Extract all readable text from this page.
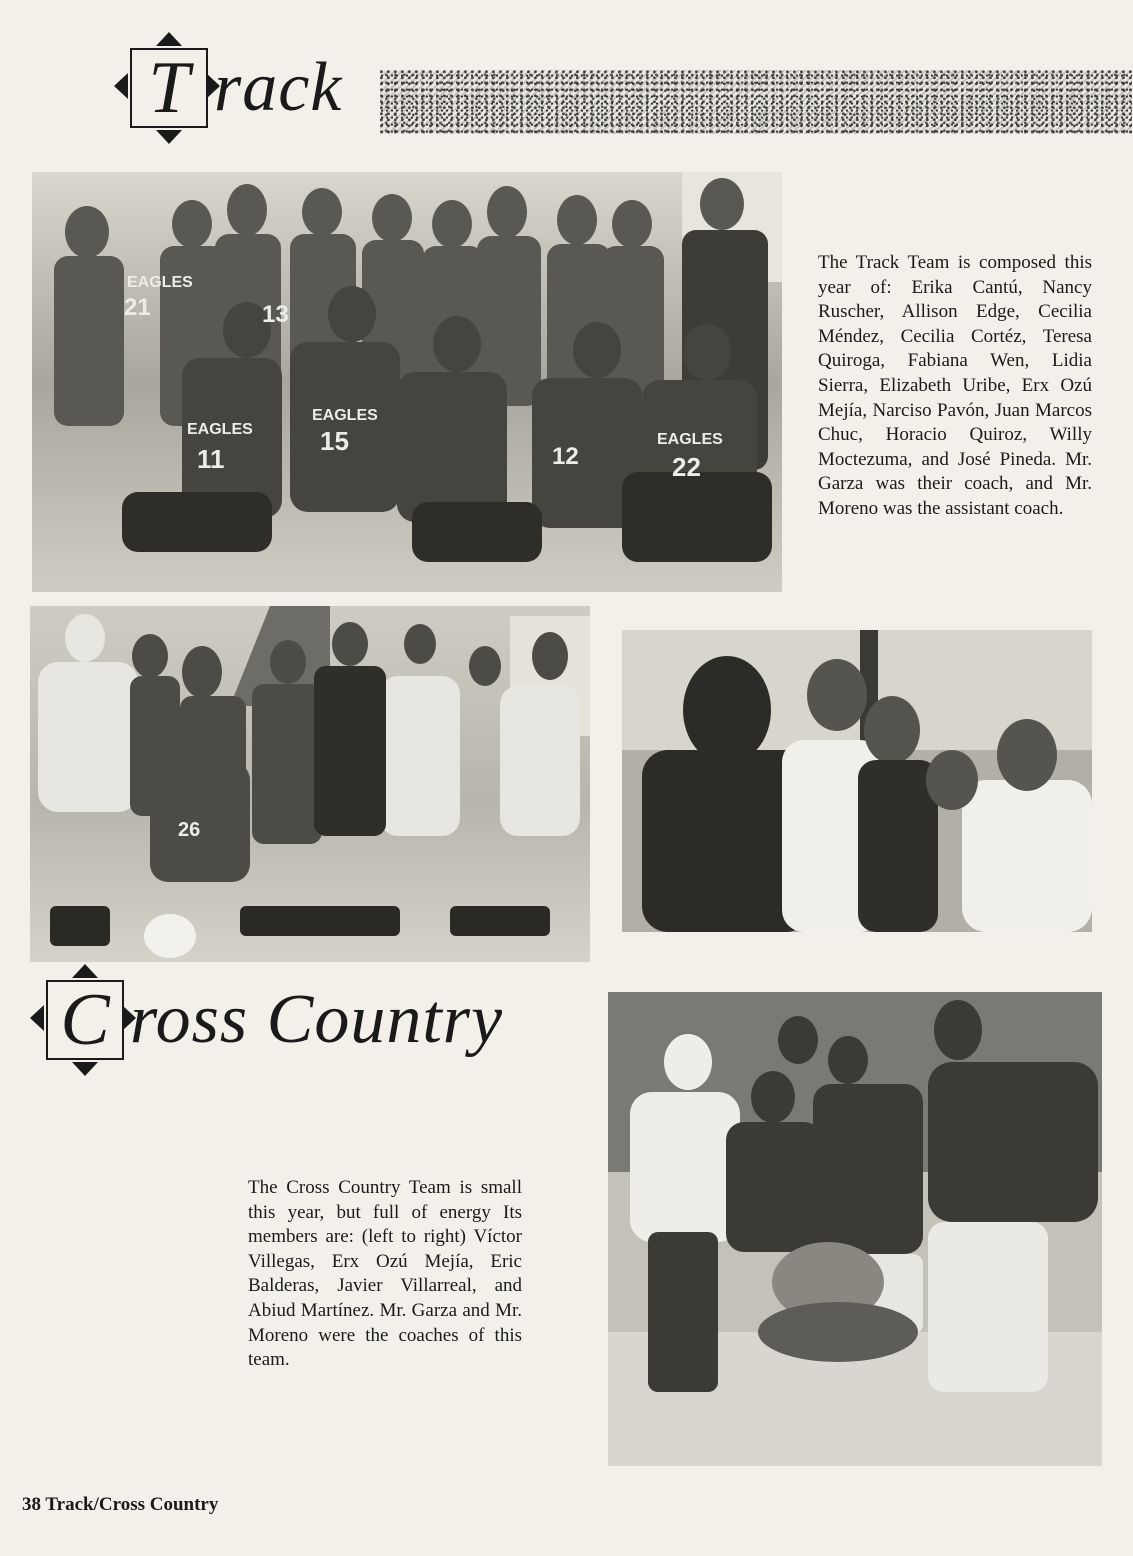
T rack
EAGLES
21	13
EAGLES
11
EAGLES
15
12
EAGLES
22
The Track Team is composed this year of: Erika Cantú, Nancy Ruscher, Allison Edge, Cecilia Méndez, Cecilia Cortéz, Teresa Quiroga, Fabiana Wen, Lidia Sierra, Elizabeth Uribe, Erx Ozú Mejía, Narciso Pavón, Juan Marcos Chuc, Horacio Quiroz, Willy Moctezuma, and José Pineda. Mr. Garza was their coach, and Mr. Moreno was the assistant coach.
26
C ross Country
The Cross Country Team is small this year, but full of energy Its members are: (left to right) Víctor Villegas, Erx Ozú Mejía, Eric Balderas, Javier Villarreal, and Abiud Martínez. Mr. Garza and Mr. Moreno were the coaches of this team.
38 Track/Cross Country
